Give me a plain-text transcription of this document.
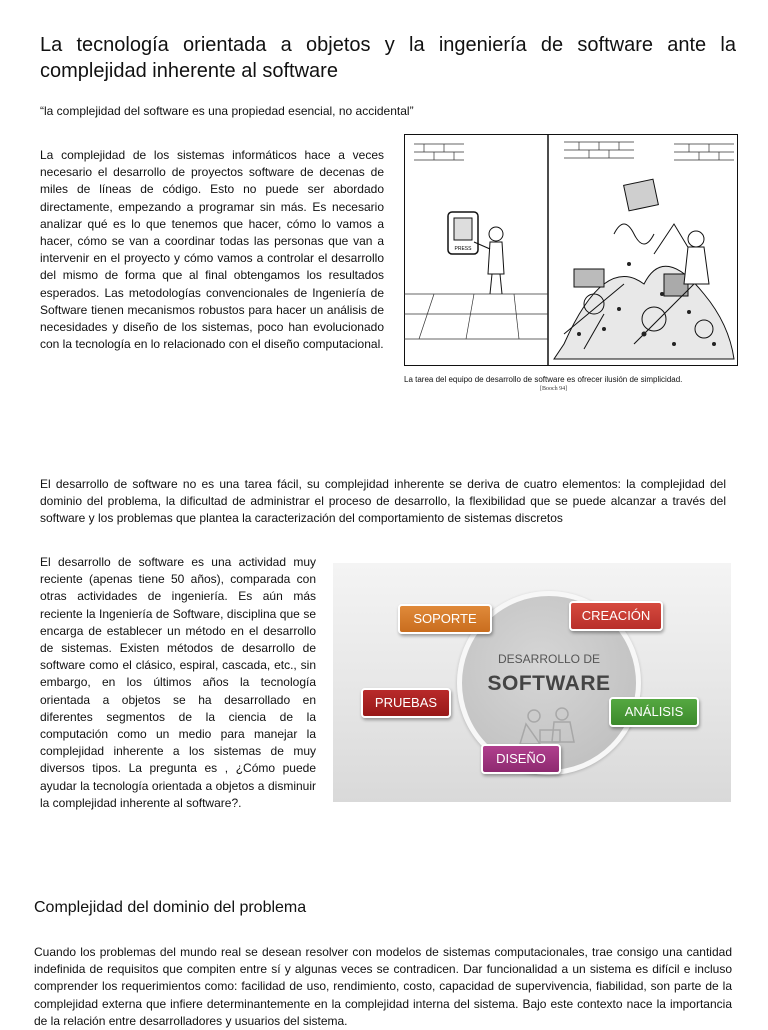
La tecnología orientada a objetos y la ingeniería de software ante la complejidad inherente al software
“la complejidad del software es una propiedad esencial, no accidental”

La complejidad de los sistemas informáticos hace a veces necesario el desarrollo de proyectos software de decenas de miles de líneas de código. Esto no puede ser abordado directamente, empezando a programar sin más. Es necesario analizar qué es lo que tenemos que hacer, cómo lo vamos a hacer, cómo se van a coordinar todas las personas que van a intervenir en el proyecto y cómo vamos a controlar el desarrollo del mismo de forma que al final obtengamos los resultados esperados. Las metodologías convencionales de Ingeniería de Software tienen mecanismos robustos para hacer un análisis de necesidades y diseño de los sistemas, poco han evolucionado con la tecnología en lo relacionado con el diseño computacional.

PRESS
La tarea del equipo de desarrollo de software es ofrecer ilusión de simplicidad.
[Booch 94]

El desarrollo de software no es una tarea fácil, su complejidad inherente se deriva de cuatro elementos: la complejidad del dominio del problema, la dificultad de administrar el proceso de desarrollo, la flexibilidad que se puede alcanzar a través del software y los problemas que plantea la caracterización del comportamiento de sistemas discretos

El desarrollo de software es una actividad muy reciente (apenas tiene 50 años), comparada con otras actividades de ingeniería. Es aún más reciente la Ingeniería de Software, disciplina que se encarga de establecer un método en el desarrollo de sistemas. Existen métodos de desarrollo de software como el clásico, espiral, cascada, etc., sin embargo, en los últimos años la tecnología orientada a objetos se ha desarrollado en diferentes segmentos de la ciencia de la computación como un medio para manejar la complejidad inherente a los sistemas de muy diversos tipos. La pregunta es , ¿Cómo puede ayudar la tecnología orientada a objetos a disminuir la complejidad inherente al software?.

DESARROLLO DE
SOFTWARE
SOPORTE	CREACIÓN
PRUEBAS
ANÁLISIS
DISEÑO
Complejidad del dominio del problema

Cuando los problemas del mundo real se desean resolver con modelos de sistemas computacionales, trae consigo una cantidad indefinida de requisitos que compiten entre sí y algunas veces se contradicen. Dar funcionalidad a un sistema es difícil e incluso comprender los requerimientos como: facilidad de uso, rendimiento, costo, capacidad de supervivencia, fiabilidad, son parte de la complejidad externa que infiere determinantemente en la complejidad interna del sistema. Bajo este contexto nace la importancia de la relación entre desarrolladores y usuarios del sistema.
